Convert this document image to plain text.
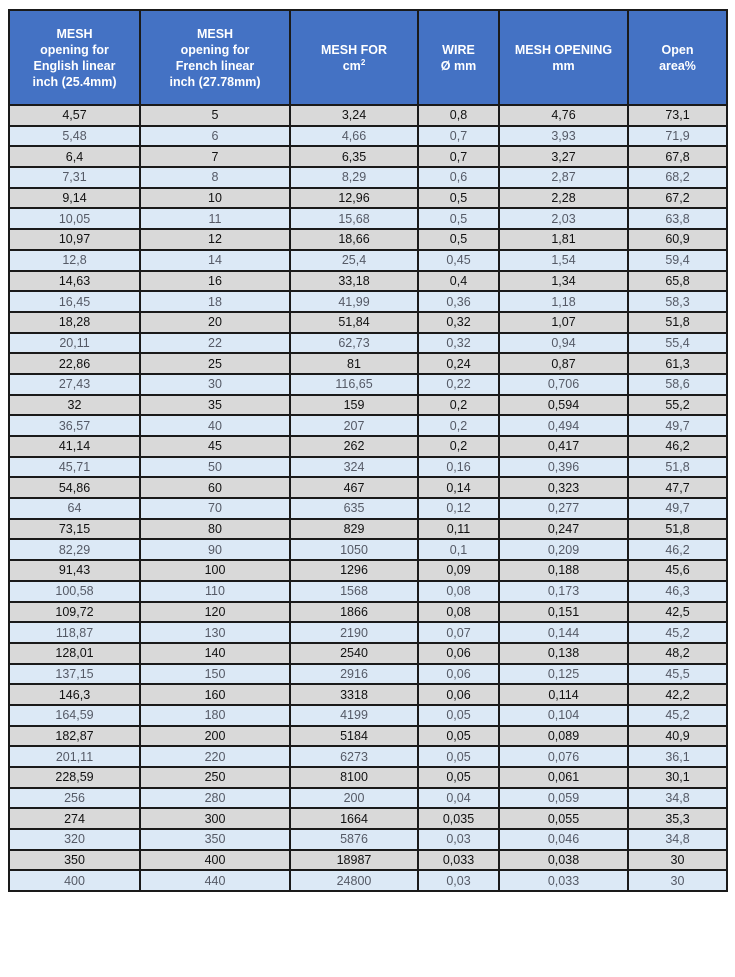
MESH
opening for
English linear
inch (25.4mm)	MESH
opening for
French linear
inch (27.78mm)	MESH FOR
$cm^2$	WIRE
Ø mm	MESH OPENING
mm	Open
area%
4,57	5	3,24	0,8	4,76	73,1
5,48	6	4,66	0,7	3,93	71,9
6,4	7	6,35	0,7	3,27	67,8
7,31	8	8,29	0,6	2,87	68,2
9,14	10	12,96	0,5	2,28	67,2
10,05	11	15,68	0,5	2,03	63,8
10,97	12	18,66	0,5	1,81	60,9
12,8	14	25,4	0,45	1,54	59,4
14,63	16	33,18	0,4	1,34	65,8
16,45	18	41,99	0,36	1,18	58,3
18,28	20	51,84	0,32	1,07	51,8
20,11	22	62,73	0,32	0,94	55,4
22,86	25	81	0,24	0,87	61,3
27,43	30	116,65	0,22	0,706	58,6
32	35	159	0,2	0,594	55,2
36,57	40	207	0,2	0,494	49,7
41,14	45	262	0,2	0,417	46,2
45,71	50	324	0,16	0,396	51,8
54,86	60	467	0,14	0,323	47,7
64	70	635	0,12	0,277	49,7
73,15	80	829	0,11	0,247	51,8
82,29	90	1050	0,1	0,209	46,2
91,43	100	1296	0,09	0,188	45,6
100,58	110	1568	0,08	0,173	46,3
109,72	120	1866	0,08	0,151	42,5
118,87	130	2190	0,07	0,144	45,2
128,01	140	2540	0,06	0,138	48,2
137,15	150	2916	0,06	0,125	45,5
146,3	160	3318	0,06	0,114	42,2
164,59	180	4199	0,05	0,104	45,2
182,87	200	5184	0,05	0,089	40,9
201,11	220	6273	0,05	0,076	36,1
228,59	250	8100	0,05	0,061	30,1
256	280	200	0,04	0,059	34,8
274	300	1664	0,035	0,055	35,3
320	350	5876	0,03	0,046	34,8
350	400	18987	0,033	0,038	30
400	440	24800	0,03	0,033	30
